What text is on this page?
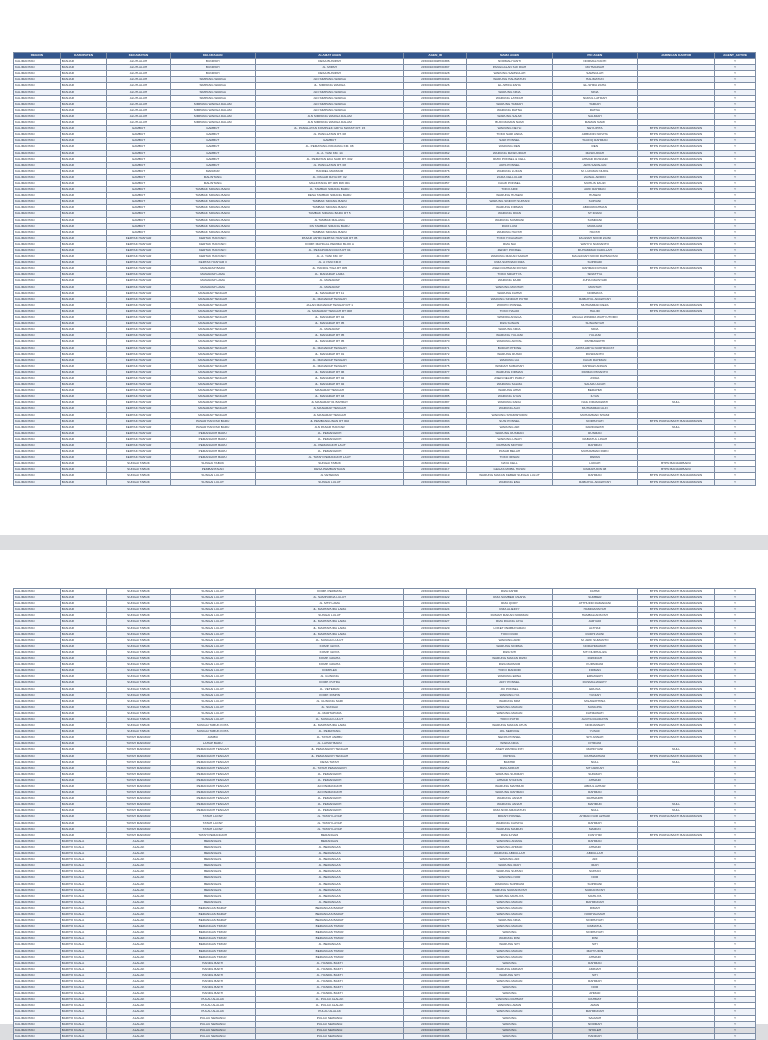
REGION	KABUPATEN	KECAMATAN	KELURAHAN	ALAMAT AGEN	AGEN_ID	NAMA AGEN	PIC AGEN	JARINGAN KANTOR	AGENT_ACTIVE
KALIMANTAN	BANJAR	ALUH-ALUH	BUNIPAH	DESA BUNIPAH	2150010302PD0386	NORMALIYANTI	NORMALIYANTI		Y
KALIMANTAN	BANJAR	ALUH-ALUH	BUNIPAH	JL. MIPAH	2150010302PD0397	PANGGALAN SIJI RIAH	MUTMAINAH		Y
KALIMANTAN	BANJAR	ALUH-ALUH	BUNIPAH	DESA BUNIPAH	2150010302PD0428	WARUNG SAMSULAH	SAMSULAH		Y
KALIMANTAN	BANJAR	ALUH-ALUH	SIMPANG WARGA	JLN SIMPANG WARGA	2150010302PD0434	WARUNG HALIMATUN	HALIMATUN		Y
KALIMANTAN	BANJAR	ALUH-ALUH	SIMPANG WARGA	JL. SIMPANG WARGA	2150010302PD0426	EL-SHIFA ZAHA	EL-SHIFA ZAHA		Y
KALIMANTAN	BANJAR	ALUH-ALUH	SIMPANG WARGA	JLN SIMPANG WARGA	2150010302PD0430	WARUNG NINA	NINA		Y
KALIMANTAN	BANJAR	ALUH-ALUH	SIMPANG WARGA	JLN SIMPANG WARGA	2150010302PD0431	WARUNG LATIFAH	NURUL LATIFAH		Y
KALIMANTAN	BANJAR	ALUH-ALUH	SIMPANG WARGA DALAM	JLN SIMPANG WARGA	2150010302PD0432	WARUNG TAMIAH	TAMIAH		Y
KALIMANTAN	BANJAR	ALUH-ALUH	SIMPANG WARGA DALAM	JLN SIMPANG WARGA	2150010302PD0433	WARUNG RATNA	RATNA		Y
KALIMANTAN	BANJAR	ALUH-ALUH	SIMPANG WARGA DALAM	JLN SIMPANG WARGA DALAM	2150010302PD0435	WARUNG SALMI	SALMIAH		Y
KALIMANTAN	BANJAR	ALUH-ALUH	SIMPANG WARGA DALAM	JLN SIMPANG WARGA DALAM	2150010302PD0436	BUDI MAMAN NAMI	MAMAN NAMI		Y
KALIMANTAN	BANJAR	GAMBUT	GAMBUT	JL. PANGLATAN KOMPLEK GRIYA SWASTI RT. 15	2150010302PD0336	WARUNG NEYLI	NEYLIPITA	BTPN PURNA BAKTI BANJARMASIN	Y
KALIMANTAN	BANJAR	GAMBUT	GAMBUT	JL. PANGLATAN RT. 08	2150010302PD0337	TOKO SARI ANDA	ARBUDIN NOVITA	BTPN PURNA BAKTI BANJARMASIN	Y
KALIMANTAN	BANJAR	GAMBUT	GAMBUT	GAMBUT	2150010302PD0341	SARI PONSEL	TAUFIQ RAHMAN	BTPN PURNA BAKTI BANJARMASIN	Y
KALIMANTAN	BANJAR	GAMBUT	GAMBUT	JL. PEMATANG PANJANG KM. 08	2150010302PD0344	WARUNG REN	REN	BTPN PURNA BAKTI BANJARMASIN	Y
KALIMANTAN	BANJAR	GAMBUT	GAMBUT	JL. A. YANI KM. 14	2150010302PD0362	WARUNG MASKURIAH	MASKURIAH	BTPN PURNA BAKTI BANJARMASIN	Y
KALIMANTAN	BANJAR	GAMBUT	GAMBUT	JL. PEMATAN EKA SARI RT. 002	2150010302PD0368	RIZKI PONSEL & CELL	AHMAD RUSNADI	BTPN PURNA BAKTI BANJARMASIN	Y
KALIMANTAN	BANJAR	GAMBUT	GAMBUT	JL. PANGLATAN RT. 08	2150010302PD0414	ARIS PONSEL	ARIS SAPALIAN	BTPN PURNA BAKTI BANJARMASIN	Y
KALIMANTAN	BANJAR	GAMBUT	MAKMUR	HANDEL MAKMUR	2150010302PD0376	WARUNG LUKAN	M. LUKMAN NURIL		Y
KALIMANTAN	BANJAR	GAMBUT	MALINTANG	JL. PAGAR RAYA RT. 02	2150010302PD0358	ZAIFA CELLULAR	ZAINAL ARIFIN	BTPN PURNA BAKTI BANJARMASIN	Y
KALIMANTAN	BANJAR	GAMBUT	MALINTANG	MALINTANG RT 005 RW 001	2150010302PD0357	FAUZI PONSEL	MUHLIS FAUZI	BTPN PURNA BAKTI BANJARMASIN	Y
KALIMANTAN	BANJAR	GAMBUT	TAMBAK SIRANG BARU	JL. TAMBAK SIRANG BARU	2150010302PD0402	TOKO ARIF	ARIF RAHMAN	BTPN PURNA BAKTI BANJARMASIN	Y
KALIMANTAN	BANJAR	GAMBUT	TAMBAK SIRANG BARU	DESA TAMBAK SIRANG BARU	2150010302PD0405	WARUNG HUSENI	HUSENI		Y
KALIMANTAN	BANJAR	GAMBUT	TAMBAK SIRANG BARU	TAMBAK SIRANG BARU	2150010302PD0406	WARUNG SINDOH SUPIANI	SUPIANI		Y
KALIMANTAN	BANJAR	GAMBUT	TAMBAK SIRANG BARU	TAMBAK SIRANG BARU	2150010302PD0407	WARUNG FIRMAN	ABDURRAHMAN		Y
KALIMANTAN	BANJAR	GAMBUT	TAMBAK SIRANG BARU	TAMBAK SIRANG BARU RT 5	2150010302PD0412	WARUNG IRIAN	ST IRIANI		Y
KALIMANTAN	BANJAR	GAMBUT	TAMBAK SIRANG BARU	JL TAMBAK MALANG	2150010302PD0413	WARUNG SUMRANI	SUMRANI		Y
KALIMANTAN	BANJAR	GAMBUT	TAMBAK SIRANG BARU	DS TAMBAK SIRANG BARU	2150010302PD0416	RUDI LUNI	MURLIANI		Y
KALIMANTAN	BANJAR	GAMBUT	TAMBAK SIRANG BARU	TAMBAK SIRANG BARU	2150010302PD0418	WARUNG HAYATI	HAYATI		Y
KALIMANTAN	BANJAR	KERTAK HANYAR	KERTAK HANYAR I	PASAR JAHID KERTAK HANYAR RT 05	2150010302PD0338	TOKO H FAUZIAH	FAUZIAH NOOR ZAINI	BTPN PURNA BAKTI BANJARMASIN	Y
KALIMANTAN	BANJAR	KERTAK HANYAR	KERTAK HANYAR I	KOMP. MAHIGAL PERMAI BLOK A	2150010302PD0346	RIZA NAI	WAHYU NURIANTO	BTPN PURNA BAKTI BANJARMASIN	Y
KALIMANTAN	BANJAR	KERTAK HANYAR	KERTAK HANYAR I	JL. PEKAPURAN RAYA RT 04	2150010302PD0379	ZENDY PONSEL	MUHAMMAD FADILLAH	BTPN PURNA BAKTI BANJARMASIN	Y
KALIMANTAN	BANJAR	KERTAK HANYAR	KERTAK HANYAR I	JL. A. YANI KM. 07	2150010302PD0387	WARUNG MAKAN SARAH	MAULIDIAH NOOR RAHMAYANI		Y
KALIMANTAN	BANJAR	KERTAK HANYAR	KERTAK HANYAR II	JL. A YANI KM.8	2150010302PD0388	RIZA SUPRIADI RIZA	SUPRIADI		Y
KALIMANTAN	BANJAR	KERTAK HANYAR	MANARAP BARU	JL. HANDIL TIGA RT 005	2150010302PD0400	ASEN RAHMANI RIYADI	RAHMANI RIYADI	BTPN PURNA BAKTI BANJARMASIN	Y
KALIMANTAN	BANJAR	KERTAK HANYAR	MANARAP LAMA	JL. MANARAP LAMA	2150010302PD0408	TOKO SRIATTYA	SRIATTYA		Y
KALIMANTAN	BANJAR	KERTAK HANYAR	MANARAP LAMA	JL. MANARAP	2150010302PD0409	WARUNG FAJRI	JUHAI MAISYARI		Y
KALIMANTAN	BANJAR	KERTAK HANYAR	MANARAP LAMA	JL. MANARAP	2150010302PD0410	WARUNG MUNTAH	MUNTAH		Y
KALIMANTAN	BANJAR	KERTAK HANYAR	MANARAP TENGAH	JL. MANARAP RT 11	2150010302PD0359	WARUNG FAHMI	NORMAYA		Y
KALIMANTAN	BANJAR	KERTAK HANYAR	MANARAP TENGAH	JL. MANARAP TENGAH	2150010302PD0360	WARUNG SINDIAH PUTRI	RABIATUL ADAWIYAH		Y
KALIMANTAN	BANJAR	KERTAK HANYAR	MANARAP TENGAH	JALAN MANARAP TENGAH RT 1	2150010302PD0361	WOKPO PONSEL	MUHAMMAD REZA	BTPN PURNA BAKTI BANJARMASIN	Y
KALIMANTAN	BANJAR	KERTAK HANYAR	MANARAP TENGAH	JL. MANARAP TENGAH RT 008	2150010302PD0363	TOKO HALIDI	HALIDI	BTPN PURNA BAKTI BANJARMASIN	Y
KALIMANTAN	BANJAR	KERTAK HANYAR	MANARAP TENGAH	JL. MANARAP RT 04	2150010302PD0364	WINDRA ANGGA	ANGGA WINDRA WAHYUTOMO		Y
KALIMANTAN	BANJAR	KERTAK HANYAR	MANARAP TENGAH	JL. MANARAP RT 05	2150010302PD0365	RIZA SUNAIN	SUNAINIYAH		Y
KALIMANTAN	BANJAR	KERTAK HANYAR	MANARAP TENGAH	JL. MANARAP	2150010302PD0366	WARUNG NIDA	NIDA		Y
KALIMANTAN	BANJAR	KERTAK HANYAR	MANARAP TENGAH	JL. MANARAP RT 05	2150010302PD0369	WARUNG YULIANI	YULIANI		Y
KALIMANTAN	BANJAR	KERTAK HANYAR	MANARAP TENGAH	JL. MANARAP RT 05	2150010302PD0370	WARUNG ARIYAL	PAHMAWATHI		Y
KALIMANTAN	BANJAR	KERTAK HANYAR	MANARAP TENGAH	JL. MANARAP TENGAH	2150010302PD0371	BUDIAH PHONE	ARITA ARIYA NURHIDAYAT		Y
KALIMANTAN	BANJAR	KERTAK HANYAR	MANARAP TENGAH	JL. MANARAP RT 01	2150010302PD0372	WARUNG RUSDI	RUSDIANTO		Y
KALIMANTAN	BANJAR	KERTAK HANYAR	MANARAP TENGAH	JL. MANARAP TENGAH	2150010302PD0374	WARUNG LIA	FAUZI RAHMAN		Y
KALIMANTAN	BANJAR	KERTAK HANYAR	MANARAP TENGAH	JL. MANARAP TENGAH	2150010302PD0375	WINDAH SUBAHAH	FAHRAZI ANNAS		Y
KALIMANTAN	BANJAR	KERTAK HANYAR	MANARAP TENGAH	JL. MANARAP RT 06	2150010302PD0377	WARUNG FIRMAN	FIRMAN PRIANTO		Y
KALIMANTAN	BANJAR	KERTAK HANYAR	MANARAP TENGAH	JL. MANARAP RT 02	2150010302PD0380	ASEN NELMY PARLY	ASSIA		Y
KALIMANTAN	BANJAR	KERTAK HANYAR	MANARAP TENGAH	JL. MANARAP RT 02	2150010302PD0382	WARUNG SALMA	SALMA ULFAH		Y
KALIMANTAN	BANJAR	KERTAK HANYAR	MANARAP TENGAH	MANARAP TENGAH	2150010302PD0384	WARUNG AHMI	BERAHMI		Y
KALIMANTAN	BANJAR	KERTAK HANYAR	MANARAP TENGAH	JL. MANARAP RT 03	2150010302PD0385	WARUNG ILYAS	ILYAS		Y
KALIMANTAN	BANJAR	KERTAK HANYAR	MANARAP TENGAH	JL MANARAP 01 BAHRAY	2150010302PD0387	WARUNG FADLI	NAIL FIRAMAWATI	NULL	Y
KALIMANTAN	BANJAR	KERTAK HANYAR	MANARAP TENGAH	JL MANARAP TENGAH	2150010302PD0389	WARUNG ALFI	MUHAMMAD ALFI		Y
KALIMANTAN	BANJAR	KERTAK HANYAR	MANARAP TENGAH	JL MANARAP TENGAH	2150010302PD0391	WARUNG SHAMSHUDIN	MUHAMMAD SHAMI		Y
KALIMANTAN	BANJAR	KERTAK HANYAR	PASAR HANYAR BARU	JL PEMBANGUNAN RT 002	2150010302PD0393	SUSI PONSEL	NORHAYATI	BTPN PURNA BAKTI BANJARMASIN	Y
KALIMANTAN	BANJAR	KERTAK HANYAR	PASAR HANYAR BARU	JLN PASAR HANYAR	2150010302PD0395	WARUNG ARI	FARIDAWATI	NULL	Y
KALIMANTAN	BANJAR	KERTAK HANYAR	PEMANGKIH BARU	JL. PEMANGKIH	2150010302PD0396	WARUNG RUSMAN	RUSMAN		Y
KALIMANTAN	BANJAR	KERTAK HANYAR	PEMANGKIH BARU	JL. PEMANGKIH	2150010302PD0398	WARUNG LINAH	RABIATUL LINAH		Y
KALIMANTAN	BANJAR	KERTAK HANYAR	PEMANGKIH BARU	JL. PEMANGKIH LAUT	2150010302PD0401	RAHMUN MOTOR	RAHMUN		Y
KALIMANTAN	BANJAR	KERTAK HANYAR	PEMANGKIH BARU	JL. PEMANGKIH	2150010302PD0403	PASAR BELAH	MUHAMMAD RIZKI		Y
KALIMANTAN	BANJAR	KERTAK HANYAR	PEMANGKIH BARU	JL. TATAH PEMANGKIH LAUT	2150010302PD0404	TOKO IRWAN	IRWAN		Y
KALIMANTAN	BANJAR	SUNGAI TABUK	SUNGAI TABUK	SUNGAI TABUK	2150010302PD0411	NAYA CELL	LUKIAH	BTPN BANJARBARU	Y
KALIMANTAN	BANJAR	SUNGAI TABUK	PEMBANTAIAN	DESA PEMBANTAIAN	2150010302PD0417	GEGAS MOBIL HUSIN	RAMAPUDIN 08	BTPN BANJARBARU	Y
KALIMANTAN	BANJAR	SUNGAI TABUK	SUNGAI LULUT	JL VETERAN	2150010302PD0419	WARUNG MAKAN KEBER SUNGAI LULUT	RAHMAN	BTPN PURNA BAKTI BANJARMASIN	Y
KALIMANTAN	BANJAR	SUNGAI TABUK	SUNGAI LULUT	SUNGAI LULUT	2150010302PD0420	WARUNG ENA	RABIATUL ADAWIYAH	BTPN PURNA BAKTI BANJARMASIN	Y
KALIMANTAN	BANJAR	SUNGAI TABUK	SUNGAI LULUT	KOMP. PERMATA	2150010302PD0421	RIZA FAHMI	FAHMI	BTPN PURNA BAKTI BANJARMASIN	Y
KALIMANTAN	BANJAR	SUNGAI TABUK	SUNGAI LULUT	JL. SAMPURNA LULUT	2150010302PD0422	RIZA SUMBER USAHA	SUMBER	BTPN PURNA BAKTI BANJARMASIN	Y
KALIMANTAN	BANJAR	SUNGAI TABUK	SUNGAI LULUT	JL. MTP LAMA	2150010302PD0423	RIZA QORY	ATTHUFIR RAMADANI	BTPN PURNA BAKTI BANJARMASIN	Y
KALIMANTAN	BANJAR	SUNGAI TABUK	SUNGAI LULUT	JL. MARTAPURA LAMA	2150010302PD0424	RIZA ALIEFFY	HAMDIANSYAH	BTPN PURNA BAKTI BANJARMASIN	Y
KALIMANTAN	BANJAR	SUNGAI TABUK	SUNGAI LULUT	SUNGAI LULUT	2150010302PD0425	RUMAH MAKAN NORMAN	HAMBALIANSYAH	BTPN PURNA BAKTI BANJARMASIN	Y
KALIMANTAN	BANJAR	SUNGAI TABUK	SUNGAI LULUT	JL. MARTAPURA LAMA	2150010302PD0427	RIZA RUANG JAYA	JARYADI	BTPN PURNA BAKTI BANJARMASIN	Y
KALIMANTAN	BANJAR	SUNGAI TABUK	SUNGAI LULUT	JL. MARTAPURA LAMA	2150010302PD0429	LOKET PEMBAYARAN	ALTHAF	BTPN PURNA BAKTI BANJARMASIN	Y
KALIMANTAN	BANJAR	SUNGAI TABUK	SUNGAI LULUT	JL. MARTAPURA LAMA	2150010302PD0430	TOKO RUDI	RUDHI ZAINI	BTPN PURNA BAKTI BANJARMASIN	Y
KALIMANTAN	BANJAR	SUNGAI TABUK	SUNGAI LULUT	JL. SUNGAI LULUT	2150010302PD0431	WARUNG ARIF	M. ARIF SUMANTO	BTPN PURNA BAKTI BANJARMASIN	Y
KALIMANTAN	BANJAR	SUNGAI TABUK	SUNGAI LULUT	KOMP. GRIYA	2150010302PD0432	WARUNG NORMA	NORAHMAWATI	BTPN PURNA BAKTI BANJARMASIN	Y
KALIMANTAN	BANJAR	SUNGAI TABUK	SUNGAI LULUT	KOMP. GRIYA	2150010302PD0433	RIZA SITI	SITI NURHALIZA	BTPN PURNA BAKTI BANJARMASIN	Y
KALIMANTAN	BANJAR	SUNGAI TABUK	SUNGAI LULUT	KOMP. GRAHA	2150010302PD0434	WARUNG MAKAN RIZKI	RIZKIDAH	BTPN PURNA BAKTI BANJARMASIN	Y
KALIMANTAN	BANJAR	SUNGAI TABUK	SUNGAI LULUT	KOMP. GRAHA	2150010302PD0435	RIZA MAKMUR	KURSIDANI	BTPN PURNA BAKTI BANJARMASIN	Y
KALIMANTAN	BANJAR	SUNGAI TABUK	SUNGAI LULUT	KOMPLEK	2150010302PD0436	TOKO MANDIRI	FIRMAN	BTPN PURNA BAKTI BANJARMASIN	Y
KALIMANTAN	BANJAR	SUNGAI TABUK	SUNGAI LULUT	JL. GUNUNG	2150010302PD0437	WARUNG ERNA	ERNAWATI	BTPN PURNA BAKTI BANJARMASIN	Y
KALIMANTAN	BANJAR	SUNGAI TABUK	SUNGAI LULUT	KOMP. PUTRA	2150010302PD0438	ADIY PONSEL	RUSMALIAWATY	BTPN PURNA BAKTI BANJARMASIN	Y
KALIMANTAN	BANJAR	SUNGAI TABUK	SUNGAI LULUT	JL. VETERAN	2150010302PD0439	JKI PONSEL	ERLINA	BTPN PURNA BAKTI BANJARMASIN	Y
KALIMANTAN	BANJAR	SUNGAI TABUK	SUNGAI LULUT	KOMP. RISPIN	2150010302PD0440	WARUNG IYA	YUNIAH	BTPN PURNA BAKTI BANJARMASIN	Y
KALIMANTAN	BANJAR	SUNGAI TABUK	SUNGAI LULUT	JL. GUNUNG SARI	2150010302PD0441	WARUNG MIM	MILAWATHINA	BTPN PURNA BAKTI BANJARMASIN	Y
KALIMANTAN	BANJAR	SUNGAI TABUK	SUNGAI LULUT	JL. SUNGAI	2150010302PD0442	WARUNG MAKAN	SUNGIHA	BTPN PURNA BAKTI BANJARMASIN	Y
KALIMANTAN	BANJAR	SUNGAI TABUK	SUNGAI LULUT	JL. MARTAPURA	2150010302PD0443	WARUNG MAKAN	FATMAWATI	BTPN PURNA BAKTI BANJARMASIN	Y
KALIMANTAN	BANJAR	SUNGAI TABUK	SUNGAI LULUT	JL. SUNGAI LULUT	2150010302PD0444	TOKO PUTRI	ALVITA RAUDATIN	BTPN PURNA BAKTI BANJARMASIN	Y
KALIMANTAN	BANJAR	SUNGAI TABUK	SUNGAI TABUK KOTA	JL. MARTAPURA LAMA	2150010302PD0445	WARUNG MAKAN ATUS	NORJANNAH	BTPN PURNA BAKTI BANJARMASIN	Y
KALIMANTAN	BANJAR	SUNGAI TABUK	SUNGAI TABUK KOTA	JL. PEMATANG	2150010302PD0446	JKL SERVICE	YUSUF	BTPN PURNA BAKTI BANJARMASIN	Y
KALIMANTAN	BANJAR	TATAH MAKMUR	JAMBU	JL. TATAH JAMBU	2150010302PD0447	NENIS PONSEL	SITI ANNAH	BTPN PURNA BAKTI BANJARMASIN	Y
KALIMANTAN	BANJAR	TATAH MAKMUR	LAHAP BARU	JL. LAHAP BARU	2150010302PD0448	WINDA NIDA	FITRIANI		Y
KALIMANTAN	BANJAR	TATAH MAKMUR	PEMANGKIH TENGAH	JL. PEMANGKIH TENGAH	2150010302PD0449	ASEH WAHDIA INTI	MAHFIYANI	NULL	Y
KALIMANTAN	BANJAR	TATAH MAKMUR	PEMANGKIH TENGAH	JL. PEMANGKIH TENGAH	2150010302PD0450	PAHRUL	RAHMADHANI	BTPN PURNA BAKTI BANJARMASIN	Y
KALIMANTAN	BANJAR	TATAH MAKMUR	PEMANGKIH TENGAH	DESA TATAH	2150010302PD0451	BAKHRI	NULL	NULL	Y
KALIMANTAN	BANJAR	TATAH MAKMUR	PEMANGKIH TENGAH	JL. TATAH PEMANGKIH	2150010302PD0452	RIZA ARIKAH	SITI ARIKAH		Y
KALIMANTAN	BANJAR	TATAH MAKMUR	PEMANGKIH TENGAH	JL. PEMANGKIH	2150010302PD0453	WARUNG SUKMAH	SUKMAH		Y
KALIMANTAN	BANJAR	TATAH MAKMUR	PEMANGKIH TENGAH	JL. PEMANGKIH	2150010302PD0454	AHMAD SYAFIUN	AHMADI		Y
KALIMANTAN	BANJAR	TATAH MAKMUR	PEMANGKIH TENGAH	JLN PEMANGKIH	2150010302PD0455	WARUNG MAHMUD	ABDUL AZHAR		Y
KALIMANTAN	BANJAR	TATAH MAKMUR	PEMANGKIH TENGAH	JLN PEMANGKIH	2150010302PD0456	WARUNG RAHMAN	RAHMAN		Y
KALIMANTAN	BANJAR	TATAH MAKMUR	PEMANGKIH TENGAH	JL. PEMANGKIH	2150010302PD0457	WARUNG JANAH	RAHMADHI		Y
KALIMANTAN	BANJAR	TATAH MAKMUR	PEMANGKIH TENGAH	JL. PEMANGKIH	2150010302PD0458	WARUNG JANAH	MAHMUD	NULL	Y
KALIMANTAN	BANJAR	TATAH MAKMUR	PEMANGKIH TENGAH	JL. PEMANGKIH	2150010302PD0459	RIZA NOR AMANATUN	NULL	NULL	Y
KALIMANTAN	BANJAR	TATAH MAKMUR	TATAH LAYAP	JL. TATAH LAYAP	2150010302PD0460	MIRAH PONSEL	AHMAD NUR AZHARI	BTPN PURNA BAKTI BANJARMASIN	Y
KALIMANTAN	BANJAR	TATAH MAKMUR	TATAH LAYAP	JL. TATAH LAYAP	2150010302PD0461	WARUNG CAHAYA	RAHMAH		Y
KALIMANTAN	BANJAR	TATAH MAKMUR	TATAH LAYAP	JL. TATAH LAYAP	2150010302PD0462	WARUNG MAMUN	MAMUN		Y
KALIMANTAN	BANJAR	TATAH MAKMUR	TATAH PEMANGKIH	BERANGAS	2150010302PD0463	RIZA ILHAM	FUNYHIR	BTPN PURNA BAKTI BANJARMASIN	Y
KALIMANTAN	BARITO KUALA	ALALAK	BERANGAS	BERANGAS	2150010302PD0464	WARUNG ANANG	RAHMAN		Y
KALIMANTAN	BARITO KUALA	ALALAK	BERANGAS	JL. BERANGAS	2150010302PD0465	WARUNG AHMAD	AHMADI		Y
KALIMANTAN	BARITO KUALA	ALALAK	BERANGAS	JL. BERANGAS	2150010302PD0466	WARUNG ABDULLAH	ABDULLAH		Y
KALIMANTAN	BARITO KUALA	ALALAK	BERANGAS	JL. BERANGAS	2150010302PD0467	WARUNG ADI	ADI		Y
KALIMANTAN	BARITO KUALA	ALALAK	BERANGAS	JL. BERANGAS	2150010302PD0468	WARUNG IRAH	IRAH		Y
KALIMANTAN	BARITO KUALA	ALALAK	BERANGAS	JL. BERANGAS	2150010302PD0469	WARUNG SUPIAN	SUPIAN		Y
KALIMANTAN	BARITO KUALA	ALALAK	BERANGAS	JL. BERANGAS	2150010302PD0470	WARUNG NOR	NOR		Y
KALIMANTAN	BARITO KUALA	ALALAK	BERANGAS	JL. BERANGAS	2150010302PD0471	WARUNG SUPRIANI	SUPRIANI		Y
KALIMANTAN	BARITO KUALA	ALALAK	BERANGAS	JL. BERANGAS	2150010302PD0472	WARUNG SURIANSYAH	SURIANSYAH		Y
KALIMANTAN	BARITO KUALA	ALALAK	BERANGAS	JL. BERANGAS	2150010302PD0473	WARUNG MAHLIYA	MAHLIYA		Y
KALIMANTAN	BARITO KUALA	ALALAK	BERANGAS	JL. BERANGAS	2150010302PD0474	WARUNG MAKAN	MAHMUDAH		Y
KALIMANTAN	BARITO KUALA	ALALAK	BERANGAS BARAT	BERANGAS BARAT	2150010302PD0475	WARUNG MAKAN	RIMAH		Y
KALIMANTAN	BARITO KUALA	ALALAK	BERANGAS BARAT	BERANGAS BARAT	2150010302PD0476	WARUNG MAKAN	NORHALIMAH		Y
KALIMANTAN	BARITO KUALA	ALALAK	BERANGAS BARAT	BERANGAS BARAT	2150010302PD0477	WARUNG NINA	NORHAYATI		Y
KALIMANTAN	BARITO KUALA	ALALAK	BERANGAS TIMUR	BERANGAS TIMUR	2150010302PD0478	WARUNG MAKAN	RABIATUL		Y
KALIMANTAN	BARITO KUALA	ALALAK	BERANGAS TIMUR	BERANGAS TIMUR	2150010302PD0479	WARUNG	NORHAYATI		Y
KALIMANTAN	BARITO KUALA	ALALAK	BERANGAS TIMUR	BERANGAS TIMUR	2150010302PD0480	WARUNG RINI	RINI		Y
KALIMANTAN	BARITO KUALA	ALALAK	BERANGAS TIMUR	JL. BERANGAS	2150010302PD0481	WARUNG SITI	SITI		Y
KALIMANTAN	BARITO KUALA	ALALAK	BERANGAS TIMUR	BERANGAS TIMUR	2150010302PD0482	WARUNG MAKAN	MAHYUDIN		Y
KALIMANTAN	BARITO KUALA	ALALAK	BERANGAS TIMUR	BERANGAS TIMUR	2150010302PD0483	WARUNG MAKAN	AHMADI		Y
KALIMANTAN	BARITO KUALA	ALALAK	HANDIL BAKTI	JL. HANDIL BAKTI	2150010302PD0484	WARUNG	RAHMAN		Y
KALIMANTAN	BARITO KUALA	ALALAK	HANDIL BAKTI	JL. HANDIL BAKTI	2150010302PD0485	WARUNG AMINAH	AMINAH		Y
KALIMANTAN	BARITO KUALA	ALALAK	HANDIL BAKTI	JL. HANDIL BAKTI	2150010302PD0486	WARUNG SITI	SITI		Y
KALIMANTAN	BARITO KUALA	ALALAK	HANDIL BAKTI	JL. HANDIL BAKTI	2150010302PD0487	WARUNG MAKAN	RAHMAH		Y
KALIMANTAN	BARITO KUALA	ALALAK	HANDIL BAKTI	JL. HANDIL BAKTI	2150010302PD0488	WARUNG	NOR		Y
KALIMANTAN	BARITO KUALA	ALALAK	HANDIL BAKTI	JL. HANDIL BAKTI	2150010302PD0489	WARUNG	AHMAD		Y
KALIMANTAN	BARITO KUALA	ALALAK	PULAU ALALAK	JL. PULAU ALALAK	2150010302PD0490	WARUNG RAHMAT	RAHMAT		Y
KALIMANTAN	BARITO KUALA	ALALAK	PULAU ALALAK	JL. PULAU ALALAK	2150010302PD0491	WARUNG AMAN	AMAN		Y
KALIMANTAN	BARITO KUALA	ALALAK	PULAU ALALAK	PULAU ALALAK	2150010302PD0492	WARUNG MAKAN	MAHMUDAH		Y
KALIMANTAN	BARITO KUALA	ALALAK	PULAU SEWANGI	PULAU SEWANGI	2150010302PD0493	WARUNG	SALMAH		Y
KALIMANTAN	BARITO KUALA	ALALAK	PULAU SEWANGI	PULAU SEWANGI	2150010302PD0494	WARUNG	NORMAH		Y
KALIMANTAN	BARITO KUALA	ALALAK	PULAU SEWANGI	PULAU SEWANGI	2150010302PD0495	WARUNG	SHOLEH		Y
KALIMANTAN	BARITO KUALA	ALALAK	PULAU SEWANGI	PULAU SEWANGI	2150010302PD0496	WARUNG	HANIFAH		Y
